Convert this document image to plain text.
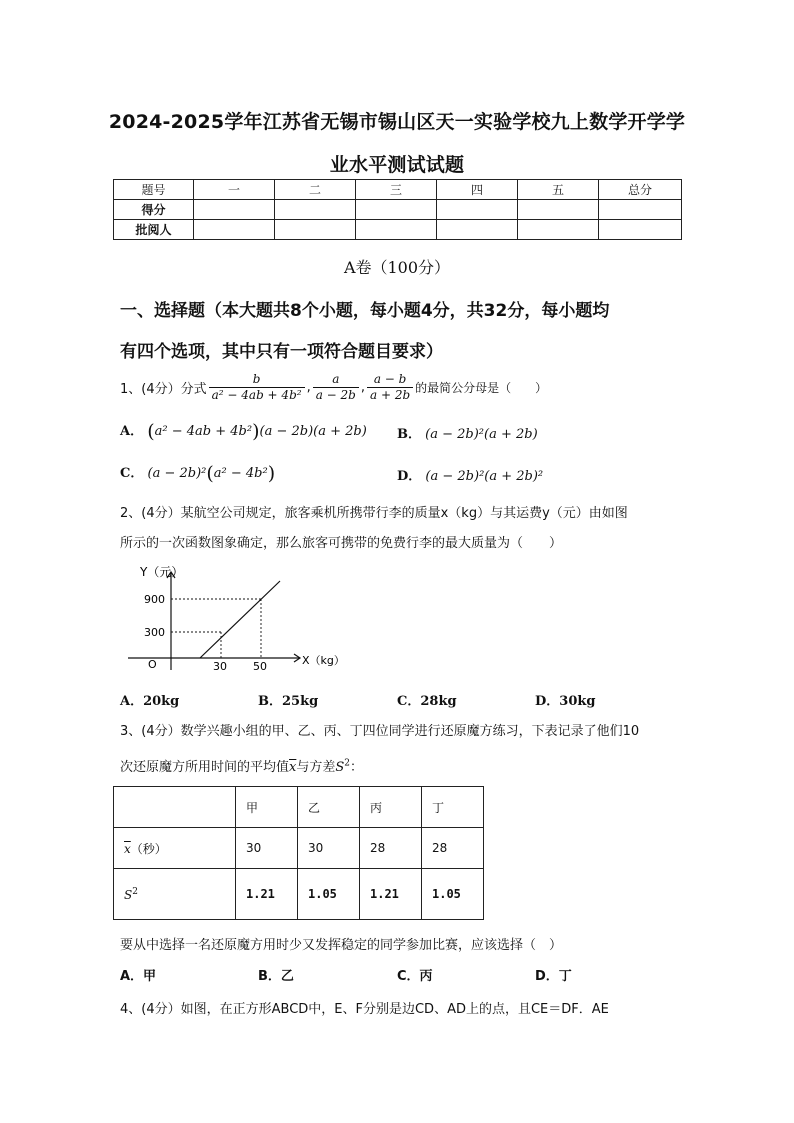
2024-2025学年江苏省无锡市锡山区天一实验学校九上数学开学学
业水平测试试题
题号	一	二	三	四	五	总分
得分						
批阅人						
A卷（100分）
一、选择题（本大题共8个小题，每小题4分，共32分，每小题均
有四个选项，其中只有一项符合题目要求）
1、(4分）分式 $\frac{b}{\text{a² − 4ab + 4b²}}$ , $\frac{a}{a - 2b}$ , $\frac{a - b}{a + 2b}$ 的最简公分母是（　　）
A． (a² − 4ab + 4b²)(a − 2b)(a + 2b) B． (a − 2b)²(a + 2b)
C． (a − 2b)²(a² − 4b²)	D． (a − 2b)²(a + 2b)²
2、(4分）某航空公司规定，旅客乘机所携带行李的质量x（kg）与其运费y（元）由如图
所示的一次函数图象确定，那么旅客可携带的免费行李的最大质量为（　　）
Y（元）
X（kg）
O
900
300
30 50
A．20kg	B．25kg	C．28kg	D．30kg
3、(4分）数学兴趣小组的甲、乙、丙、丁四位同学进行还原魔方练习，下表记录了他们10
次还原魔方所用时间的平均值$\overline{x}$与方差$S^2$：
	甲	乙	丙	丁
$\overline{x}$（秒）	30	30	28	28
$S^2$	1.21	1.05	1.21	1.05
要从中选择一名还原魔方用时少又发挥稳定的同学参加比赛，应该选择（　）
A．甲	B．乙	C．丙	D．丁
4、(4分）如图，在正方形ABCD中，E、F分别是边CD、AD上的点，且CE＝DF．AE
